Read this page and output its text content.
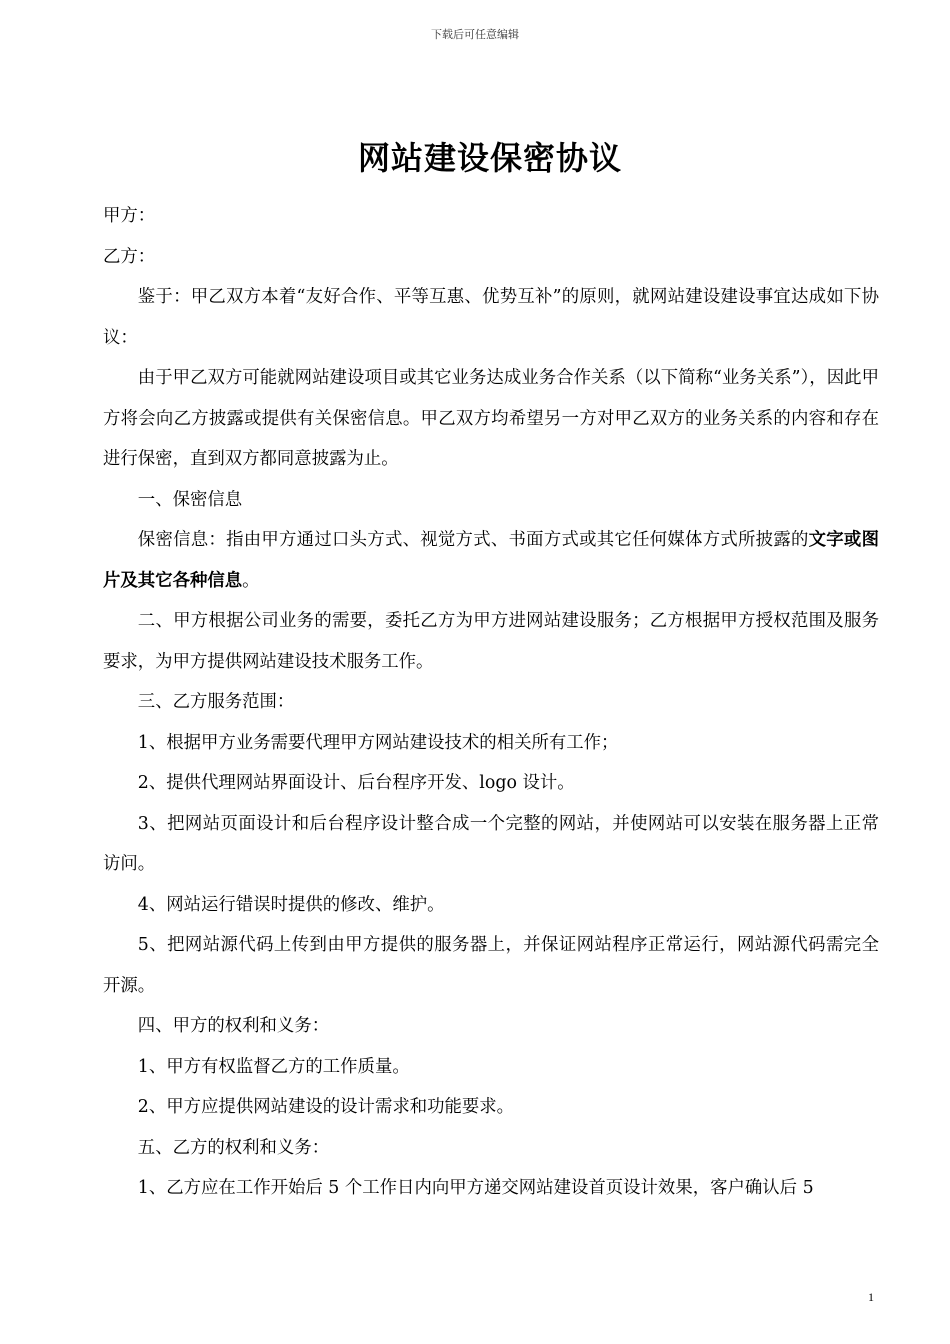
下载后可任意编辑
网站建设保密协议

甲方：

乙方：

鉴于：甲乙双方本着“友好合作、平等互惠、优势互补”的原则，就网站建设建设事宜达成如下协议：

由于甲乙双方可能就网站建设项目或其它业务达成业务合作关系（以下简称“业务关系”），因此甲方将会向乙方披露或提供有关保密信息。甲乙双方均希望另一方对甲乙双方的业务关系的内容和存在进行保密，直到双方都同意披露为止。

一、保密信息

保密信息：指由甲方通过口头方式、视觉方式、书面方式或其它任何媒体方式所披露的文字或图片及其它各种信息。

二、甲方根据公司业务的需要，委托乙方为甲方进网站建设服务；乙方根据甲方授权范围及服务要求，为甲方提供网站建设技术服务工作。

三、乙方服务范围：

1、根据甲方业务需要代理甲方网站建设技术的相关所有工作；

2、提供代理网站界面设计、后台程序开发、logo 设计。

3、把网站页面设计和后台程序设计整合成一个完整的网站，并使网站可以安装在服务器上正常访问。

4、网站运行错误时提供的修改、维护。

5、把网站源代码上传到由甲方提供的服务器上，并保证网站程序正常运行，网站源代码需完全开源。

四、甲方的权利和义务：

1、甲方有权监督乙方的工作质量。

2、甲方应提供网站建设的设计需求和功能要求。

五、乙方的权利和义务：

1、乙方应在工作开始后 5 个工作日内向甲方递交网站建设首页设计效果，客户确认后 5

1
